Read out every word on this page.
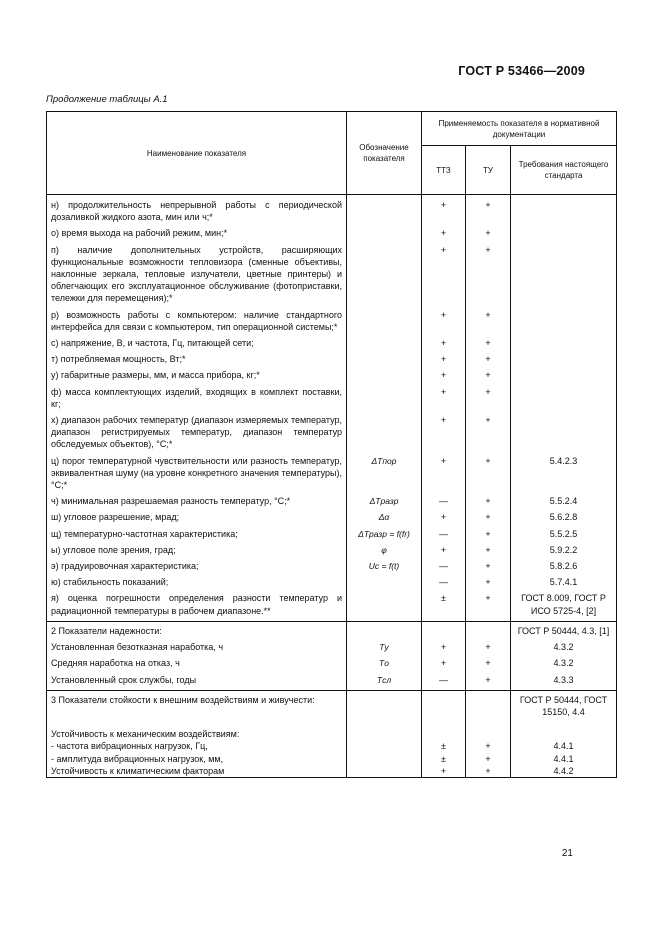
ГОСТ Р 53466—2009
Продолжение таблицы А.1
Наименование показателя	Обозначение показателя	Применяемость показателя в нормативной документации		
		ТТЗ	ТУ	Требования настоящего стандарта

н) продолжительность непрерывной работы с периодической дозаливкой жидкого азота, мин или ч;*		+	+	

о) время выхода на рабочий режим, мин;*		+	+	

п) наличие дополнительных устройств, расширяющих функциональные возможности тепловизора (сменные объективы, наклонные зеркала, тепловые излучатели, цветные принтеры) и облегчающих его эксплуатационное обслуживание (фотоприставки, тележки для перемещения);*		+	+	

р) возможность работы с компьютером: наличие стандартного интерфейса для связи с компьютером, тип операционной системы;*		+	+	

с) напряжение, В, и частота, Гц, питающей сети;		+	+	

т) потребляемая мощность, Вт;*		+	+	

у) габаритные размеры, мм, и масса прибора, кг;*		+	+	

ф) масса комплектующих изделий, входящих в комплект поставки, кг;		+	+	

х) диапазон рабочих температур (диапазон измеряемых температур, диапазон регистрируемых температур, диапазон температур обследуемых объектов), °С;*		+	+	

ц) порог температурной чувствительности или разность температур, эквивалентная шуму (на уровне конкретного значения температуры), °С;*	ΔTпор	+	+	5.4.2.3

ч) минимальная разрешаемая разность температур, °С;*	ΔTразр	—	+	5.5.2.4

ш) угловое разрешение, мрад;	Δα	+	+	5.6.2.8

щ) температурно-частотная характеристика;	ΔTразр = f(fr)	—	+	5.5.2.5

ы) угловое поле зрения, град;	φ	+	+	5.9.2.2

э) градуировочная характеристика;	Uс = f(t)	—	+	5.8.2.6

ю) стабильность показаний;		—	+	5.7.4.1

я) оценка погрешности определения разности температур и радиационной температуры в рабочем диапазоне.**		±	+	ГОСТ 8.009, ГОСТ Р ИСО 5725-4, [2]

2 Показатели надежности:				ГОСТ Р 50444, 4.3, [1]

Установленная безотказная наработка, ч	Tу	+	+	4.3.2

Средняя наработка на отказ, ч	Tо	+	+	4.3.2

Установленный срок службы, годы	Tсл	—	+	4.3.3

3 Показатели стойкости к внешним воздействиям и живучести:				ГОСТ Р 50444, ГОСТ 15150, 4.4

Устойчивость к механическим воздействиям:				
- частота вибрационных нагрузок, Гц,		±	+	4.4.1
- амплитуда вибрационных нагрузок, мм,		±	+	4.4.1
Устойчивость к климатическим факторам		+	+	4.4.2
21
